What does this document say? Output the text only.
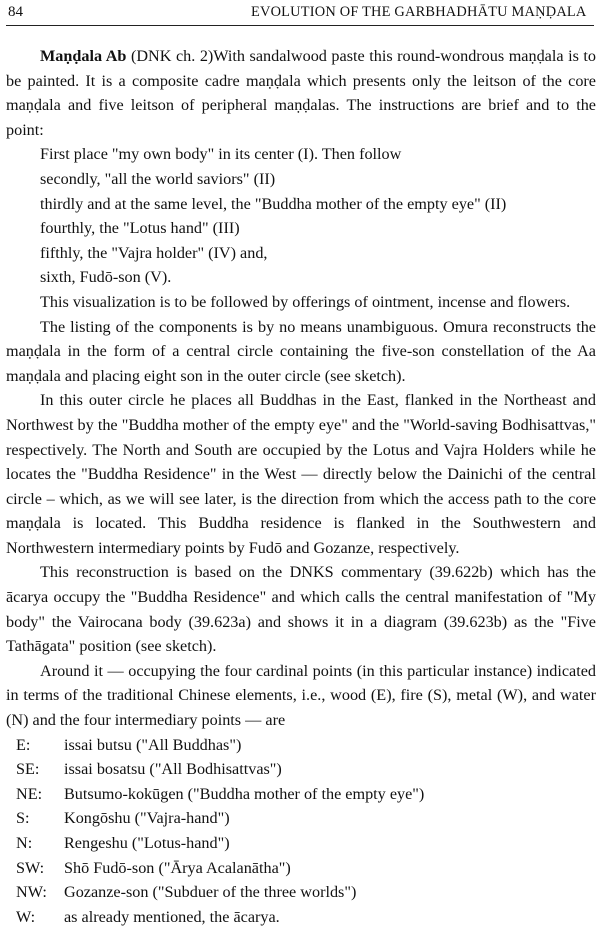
84	EVOLUTION OF THE GARBHADHĀTU MAṆḌALA

Maṇḍala Ab (DNK ch. 2)With sandalwood paste this round-wondrous maṇḍala is to be painted. It is a composite cadre maṇḍala which presents only the leitson of the core maṇḍala and five leitson of peripheral maṇḍalas. The instructions are brief and to the point:

First place "my own body" in its center (I). Then follow
secondly, "all the world saviors" (II)
thirdly and at the same level, the "Buddha mother of the empty eye" (II)
fourthly, the "Lotus hand" (III)
fifthly, the "Vajra holder" (IV) and,
sixth, Fudō-son (V).

This visualization is to be followed by offerings of ointment, incense and flowers.

The listing of the components is by no means unambiguous. Omura reconstructs the maṇḍala in the form of a central circle containing the five-son constellation of the Aa maṇḍala and placing eight son in the outer circle (see sketch).

In this outer circle he places all Buddhas in the East, flanked in the Northeast and Northwest by the "Buddha mother of the empty eye" and the "World-saving Bodhisattvas," respectively. The North and South are occupied by the Lotus and Vajra Holders while he locates the "Buddha Residence" in the West — directly below the Dainichi of the central circle – which, as we will see later, is the direction from which the access path to the core maṇḍala is located. This Buddha residence is flanked in the Southwestern and Northwestern intermediary points by Fudō and Gozanze, respectively.

This reconstruction is based on the DNKS commentary (39.622b) which has the ācarya occupy the "Buddha Residence" and which calls the central manifestation of "My body" the Vairocana body (39.623a) and shows it in a diagram (39.623b) as the "Five Tathāgata" position (see sketch).

Around it — occupying the four cardinal points (in this particular instance) indicated in terms of the traditional Chinese elements, i.e., wood (E), fire (S), metal (W), and water (N) and the four intermediary points — are

E:	issai butsu ("All Buddhas")
SE:	issai bosatsu ("All Bodhisattvas")
NE:	Butsumo-kokūgen ("Buddha mother of the empty eye")
S:	Kongōshu ("Vajra-hand")
N:	Rengeshu ("Lotus-hand")
SW:	Shō Fudō-son ("Ārya Acalanātha")
NW:	Gozanze-son ("Subduer of the three worlds")
W:	as already mentioned, the ācarya.
